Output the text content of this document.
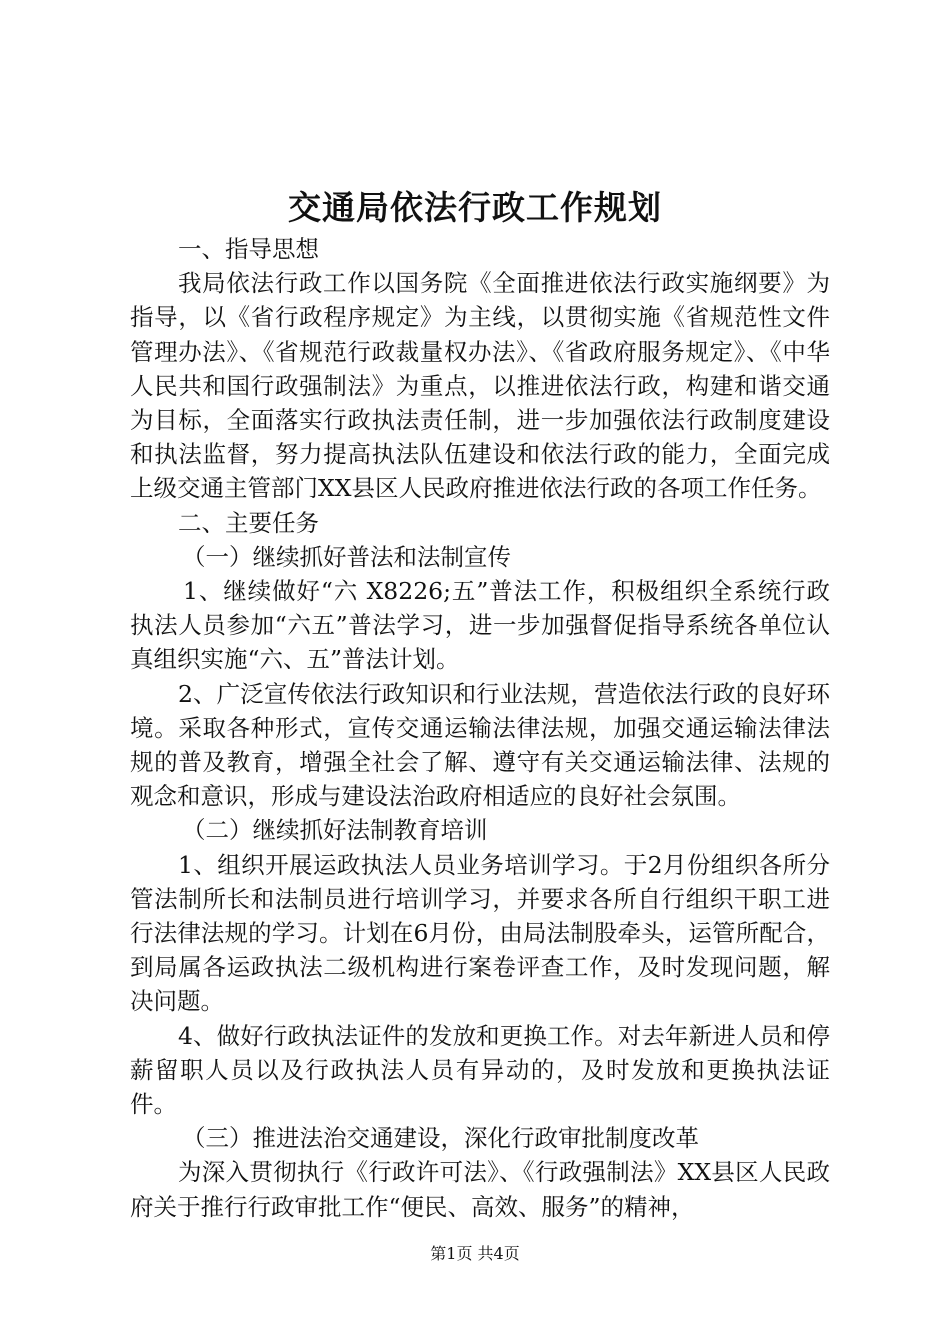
交通局依法行政工作规划

一、指导思想

我局依法行政工作以国务院《全面推进依法行政实施纲要》为指导，以《省行政程序规定》为主线，以贯彻实施《省规范性文件管理办法》、《省规范行政裁量权办法》、《省政府服务规定》、《中华人民共和国行政强制法》为重点，以推进依法行政，构建和谐交通为目标，全面落实行政执法责任制，进一步加强依法行政制度建设和执法监督，努力提高执法队伍建设和依法行政的能力，全面完成上级交通主管部门XX县区人民政府推进依法行政的各项工作任务。

二、主要任务

（一）继续抓好普法和法制宣传

1、继续做好“六 X8226;五”普法工作，积极组织全系统行政执法人员参加“六五”普法学习，进一步加强督促指导系统各单位认真组织实施“六、五”普法计划。

2、广泛宣传依法行政知识和行业法规，营造依法行政的良好环境。采取各种形式，宣传交通运输法律法规，加强交通运输法律法规的普及教育，增强全社会了解、遵守有关交通运输法律、法规的观念和意识，形成与建设法治政府相适应的良好社会氛围。

（二）继续抓好法制教育培训

1、组织开展运政执法人员业务培训学习。于2月份组织各所分管法制所长和法制员进行培训学习，并要求各所自行组织干职工进行法律法规的学习。计划在6月份，由局法制股牵头，运管所配合，到局属各运政执法二级机构进行案卷评查工作，及时发现问题，解决问题。

4、做好行政执法证件的发放和更换工作。对去年新进人员和停薪留职人员以及行政执法人员有异动的，及时发放和更换执法证件。

（三）推进法治交通建设，深化行政审批制度改革

为深入贯彻执行《行政许可法》、《行政强制法》XX县区人民政府关于推行行政审批工作“便民、高效、服务”的精神，

第1页 共4页
